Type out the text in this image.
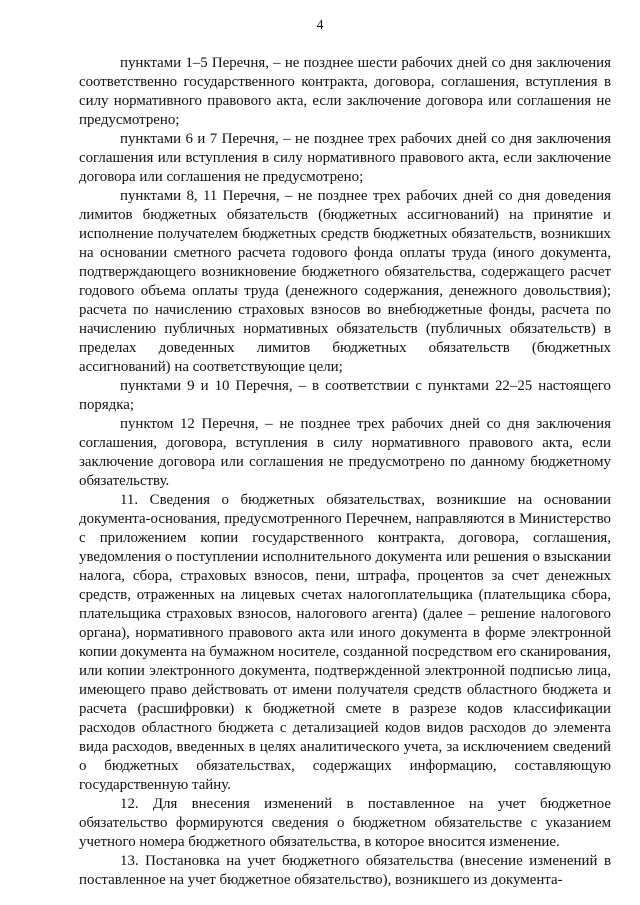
4

пунктами 1–5 Перечня, – не позднее шести рабочих дней со дня заключения соответственно государственного контракта, договора, соглашения, вступления в силу нормативного правового акта, если заключение договора или соглашения не предусмотрено;

пунктами 6 и 7 Перечня, – не позднее трех рабочих дней со дня заключения соглашения или вступления в силу нормативного правового акта, если заключение договора или соглашения не предусмотрено;

пунктами 8, 11 Перечня, – не позднее трех рабочих дней со дня доведения лимитов бюджетных обязательств (бюджетных ассигнований) на принятие и исполнение получателем бюджетных средств бюджетных обязательств, возникших на основании сметного расчета годового фонда оплаты труда (иного документа, подтверждающего возникновение бюджетного обязательства, содержащего расчет годового объема оплаты труда (денежного содержания, денежного довольствия); расчета по начислению страховых взносов во внебюджетные фонды, расчета по начислению публичных нормативных обязательств (публичных обязательств) в пределах доведенных лимитов бюджетных обязательств (бюджетных ассигнований) на соответствующие цели;

пунктами 9 и 10 Перечня, – в соответствии с пунктами 22–25 настоящего порядка;

пунктом 12 Перечня, – не позднее трех рабочих дней со дня заключения соглашения, договора, вступления в силу нормативного правового акта, если заключение договора или соглашения не предусмотрено по данному бюджетному обязательству.

11. Сведения о бюджетных обязательствах, возникшие на основании документа-основания, предусмотренного Перечнем, направляются в Министерство с приложением копии государственного контракта, договора, соглашения, уведомления о поступлении исполнительного документа или решения о взыскании налога, сбора, страховых взносов, пени, штрафа, процентов за счет денежных средств, отраженных на лицевых счетах налогоплательщика (плательщика сбора, плательщика страховых взносов, налогового агента) (далее – решение налогового органа), нормативного правового акта или иного документа в форме электронной копии документа на бумажном носителе, созданной посредством его сканирования, или копии электронного документа, подтвержденной электронной подписью лица, имеющего право действовать от имени получателя средств областного бюджета и расчета (расшифровки) к бюджетной смете в разрезе кодов классификации расходов областного бюджета с детализацией кодов видов расходов до элемента вида расходов, введенных в целях аналитического учета, за исключением сведений о бюджетных обязательствах, содержащих информацию, составляющую государственную тайну.

12. Для внесения изменений в поставленное на учет бюджетное обязательство формируются сведения о бюджетном обязательстве с указанием учетного номера бюджетного обязательства, в которое вносится изменение.

13. Постановка на учет бюджетного обязательства (внесение изменений в поставленное на учет бюджетное обязательство), возникшего из документа-
